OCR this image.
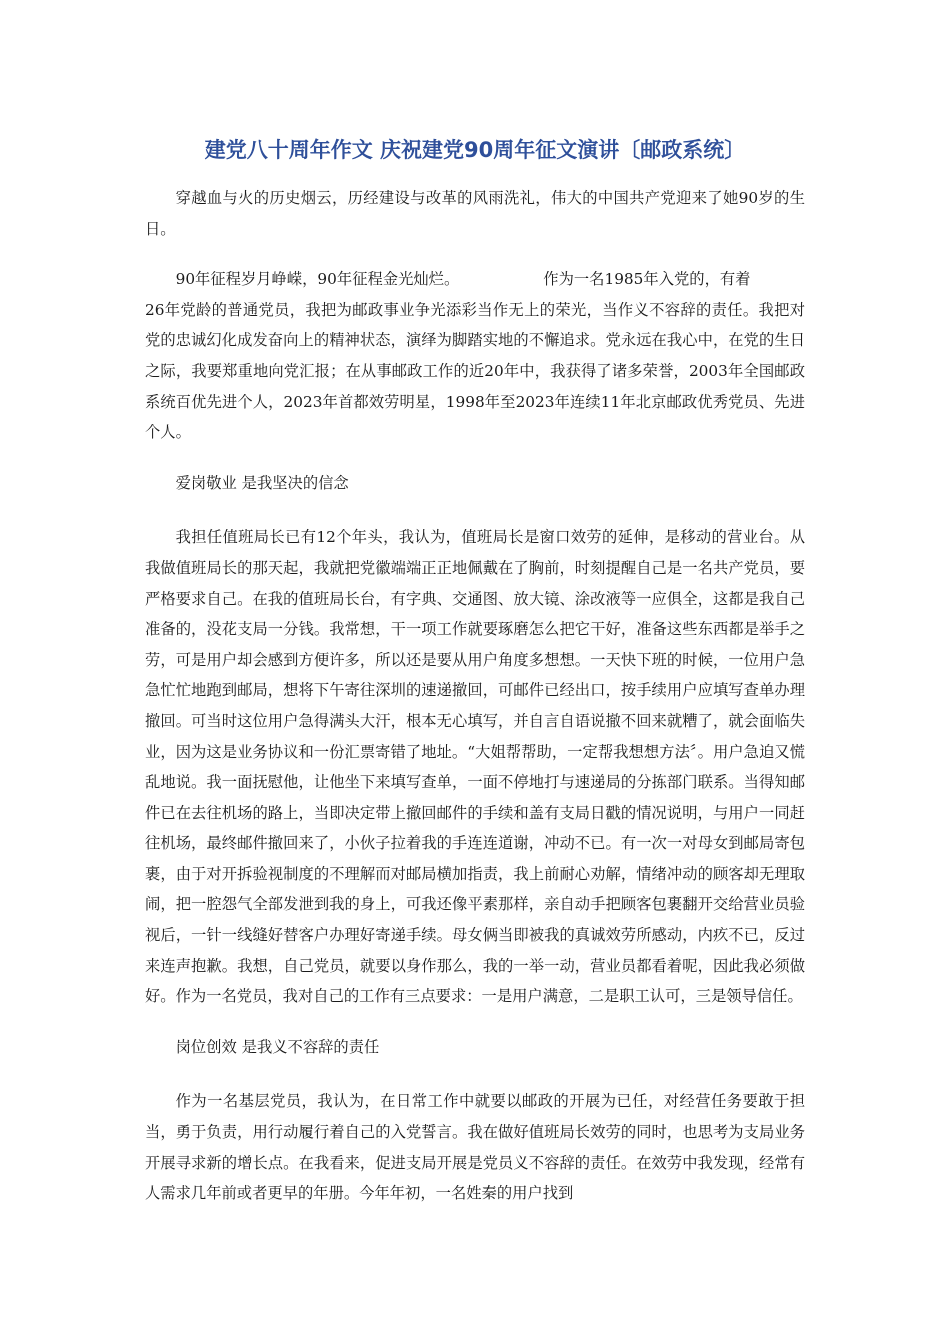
建党八十周年作文 庆祝建党90周年征文演讲〔邮政系统〕

穿越血与火的历史烟云，历经建设与改革的风雨洗礼，伟大的中国共产党迎来了她90岁的生日。

90年征程岁月峥嵘，90年征程金光灿烂。	作为一名1985年入党的，有着
26年党龄的普通党员，我把为邮政事业争光添彩当作无上的荣光，当作义不容辞的责任。我把对党的忠诚幻化成发奋向上的精神状态，演绎为脚踏实地的不懈追求。党永远在我心中，在党的生日之际，我要郑重地向党汇报；在从事邮政工作的近20年中，我获得了诸多荣誉，2003年全国邮政系统百优先进个人，2023年首都效劳明星，1998年至2023年连续11年北京邮政优秀党员、先进个人。

爱岗敬业 是我坚决的信念

我担任值班局长已有12个年头，我认为，值班局长是窗口效劳的延伸，是移动的营业台。从我做值班局长的那天起，我就把党徽端端正正地佩戴在了胸前，时刻提醒自己是一名共产党员，要严格要求自己。在我的值班局长台，有字典、交通图、放大镜、涂改液等一应俱全，这都是我自己准备的，没花支局一分钱。我常想，干一项工作就要琢磨怎么把它干好，准备这些东西都是举手之劳，可是用户却会感到方便许多，所以还是要从用户角度多想想。一天快下班的时候，一位用户急急忙忙地跑到邮局，想将下午寄往深圳的速递撤回，可邮件已经出口，按手续用户应填写查单办理撤回。可当时这位用户急得满头大汗，根本无心填写，并自言自语说撤不回来就糟了，就会面临失业，因为这是业务协议和一份汇票寄错了地址。“大姐帮帮助，一定帮我想想方法〞。用户急迫又慌乱地说。我一面抚慰他，让他坐下来填写查单，一面不停地打与速递局的分拣部门联系。当得知邮件已在去往机场的路上，当即决定带上撤回邮件的手续和盖有支局日戳的情况说明，与用户一同赶往机场，最终邮件撤回来了，小伙子拉着我的手连连道谢，冲动不已。有一次一对母女到邮局寄包裹，由于对开拆验视制度的不理解而对邮局横加指责，我上前耐心劝解，情绪冲动的顾客却无理取闹，把一腔怨气全部发泄到我的身上，可我还像平素那样，亲自动手把顾客包裹翻开交给营业员验视后，一针一线缝好替客户办理好寄递手续。母女俩当即被我的真诚效劳所感动，内疚不已，反过来连声抱歉。我想，自己党员，就要以身作那么，我的一举一动，营业员都看着呢，因此我必须做好。作为一名党员，我对自己的工作有三点要求：一是用户满意，二是职工认可，三是领导信任。

岗位创效 是我义不容辞的责任

作为一名基层党员，我认为，在日常工作中就要以邮政的开展为已任，对经营任务要敢于担当，勇于负责，用行动履行着自己的入党誓言。我在做好值班局长效劳的同时，也思考为支局业务开展寻求新的增长点。在我看来，促进支局开展是党员义不容辞的责任。在效劳中我发现，经常有人需求几年前或者更早的年册。今年年初，一名姓秦的用户找到
